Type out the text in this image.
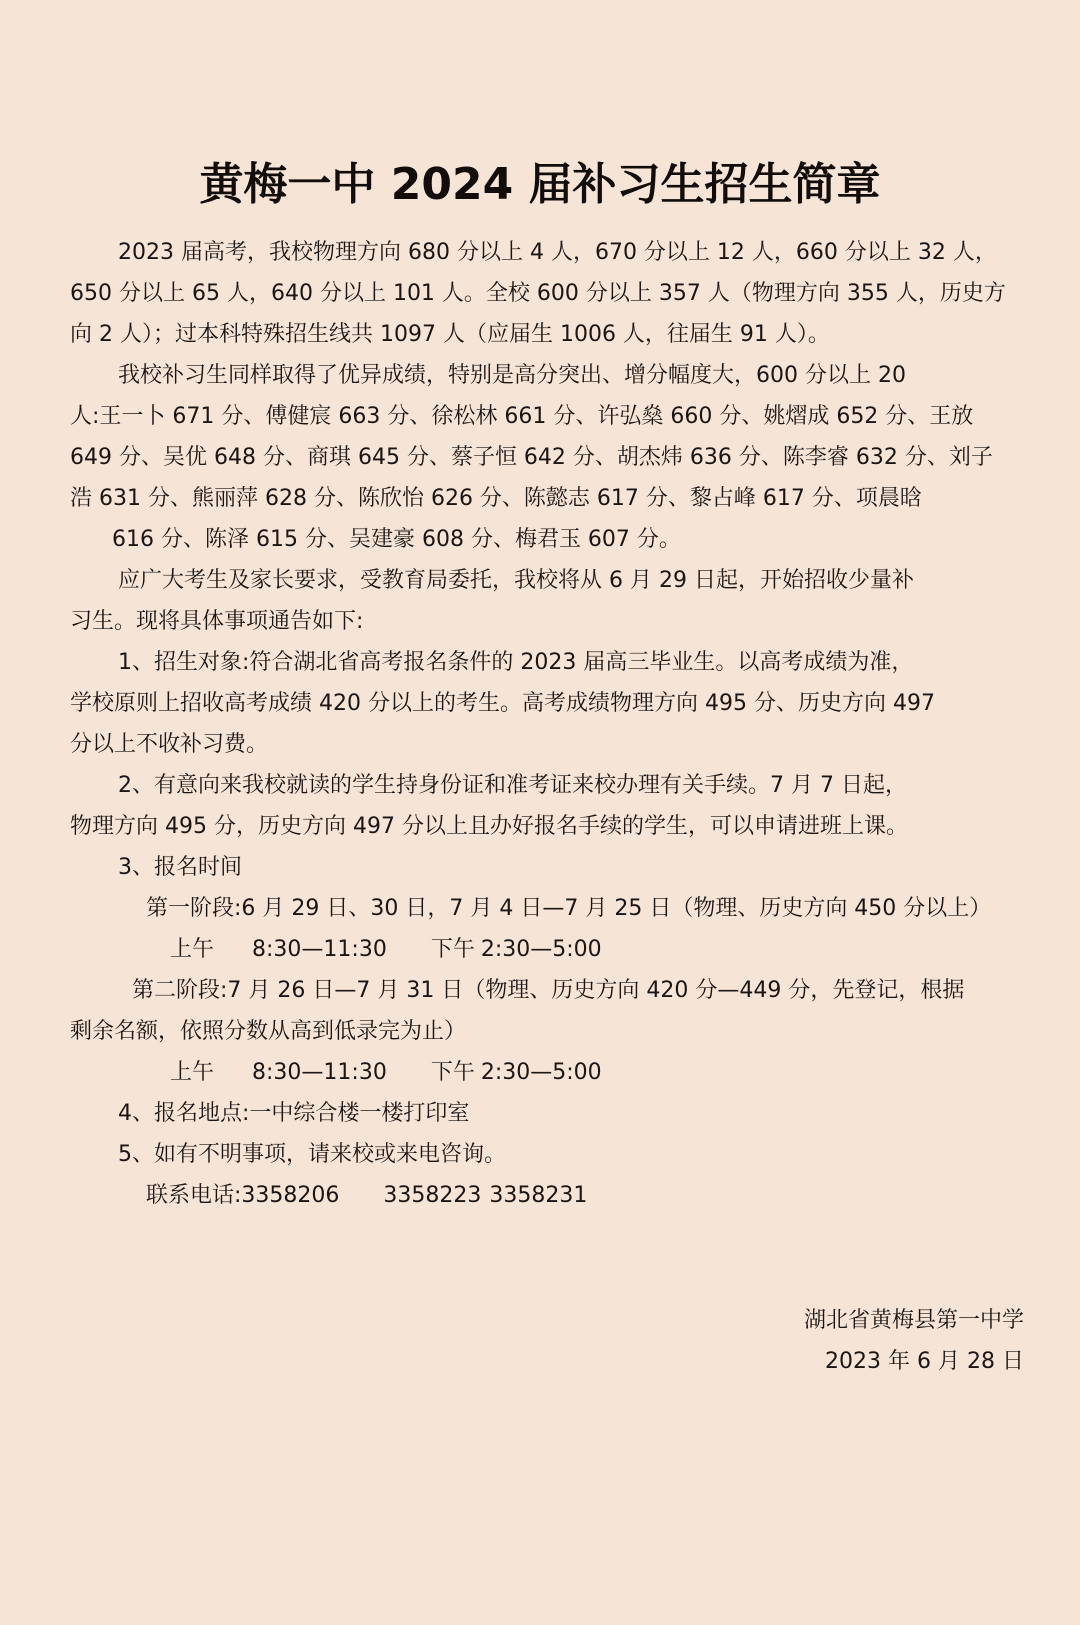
黄梅一中 2024 届补习生招生简章
2023 届高考，我校物理方向 680 分以上 4 人，670 分以上 12 人，660 分以上 32 人，
650 分以上 65 人，640 分以上 101 人。全校 600 分以上 357 人（物理方向 355 人，历史方
向 2 人）；过本科特殊招生线共 1097 人（应届生 1006 人，往届生 91 人）。
我校补习生同样取得了优异成绩，特别是高分突出、增分幅度大，600 分以上 20
人:王一卜 671 分、傅健宸 663 分、徐松林 661 分、许弘燊 660 分、姚熠成 652 分、王放
649 分、吴优 648 分、商琪 645 分、蔡子恒 642 分、胡杰炜 636 分、陈李睿 632 分、刘子
浩 631 分、熊丽萍 628 分、陈欣怡 626 分、陈懿志 617 分、黎占峰 617 分、项晨晗
616 分、陈泽 615 分、吴建豪 608 分、梅君玉 607 分。
应广大考生及家长要求，受教育局委托，我校将从 6 月 29 日起，开始招收少量补
习生。现将具体事项通告如下:
1、招生对象:符合湖北省高考报名条件的 2023 届高三毕业生。以高考成绩为准，
学校原则上招收高考成绩 420 分以上的考生。高考成绩物理方向 495 分、历史方向 497
分以上不收补习费。
2、有意向来我校就读的学生持身份证和准考证来校办理有关手续。7 月 7 日起，
物理方向 495 分，历史方向 497 分以上且办好报名手续的学生，可以申请进班上课。
3、报名时间
第一阶段:6 月 29 日、30 日，7 月 4 日—7 月 25 日（物理、历史方向 450 分以上）
上午 8:30—11:30 下午 2:30—5:00
第二阶段:7 月 26 日—7 月 31 日（物理、历史方向 420 分—449 分，先登记，根据
剩余名额，依照分数从高到低录完为止）
上午 8:30—11:30 下午 2:30—5:00
4、报名地点:一中综合楼一楼打印室
5、如有不明事项，请来校或来电咨询。
联系电话:3358206 3358223 3358231
湖北省黄梅县第一中学
2023 年 6 月 28 日
